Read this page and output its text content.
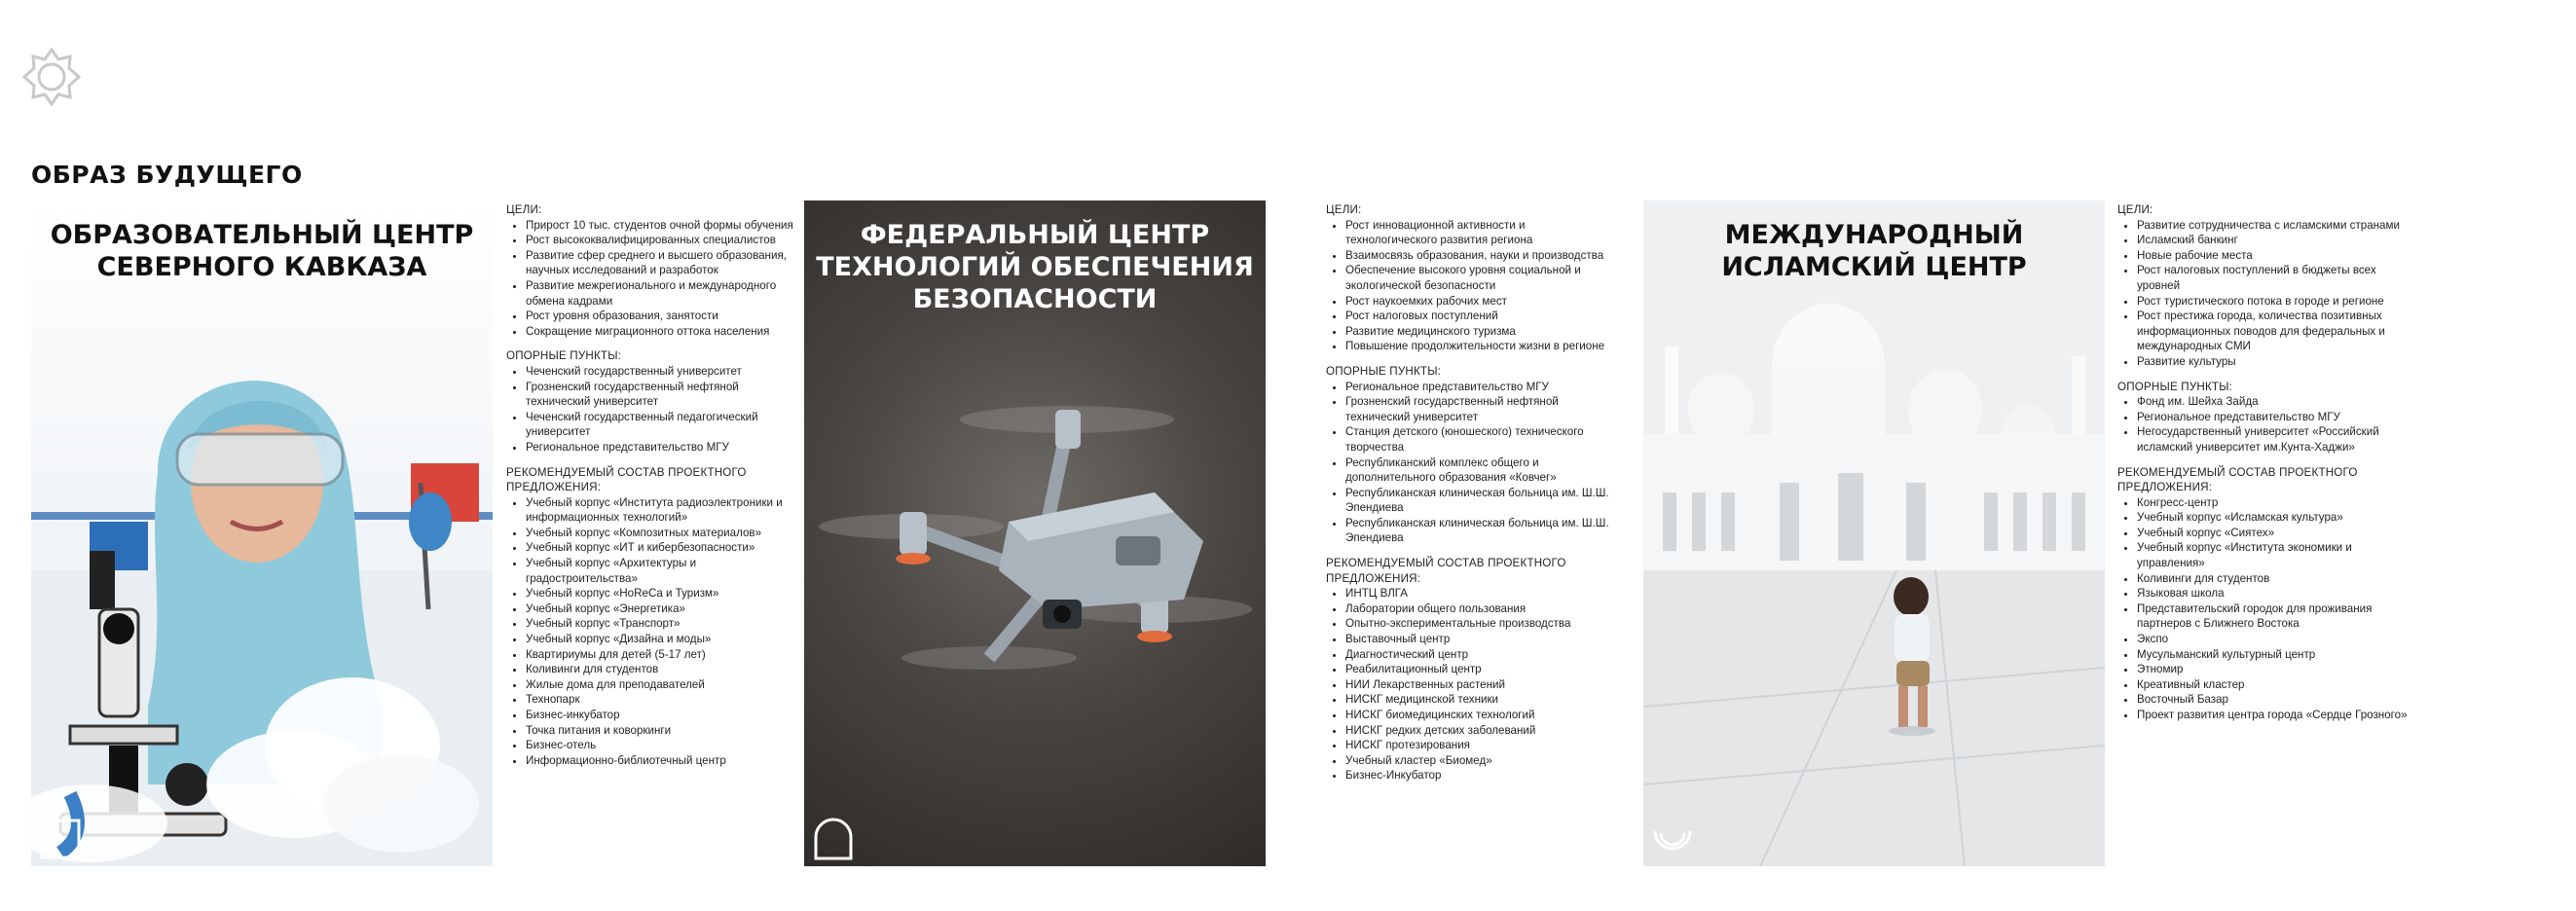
ОБРАЗ БУДУЩЕГО
ОБРАЗОВАТЕЛЬНЫЙ ЦЕНТР
СЕВЕРНОГО КАВКАЗА
ФЕДЕРАЛЬНЫЙ ЦЕНТР
ТЕХНОЛОГИЙ ОБЕСПЕЧЕНИЯ
БЕЗОПАСНОСТИ
МЕЖДУНАРОДНЫЙ
ИСЛАМСКИЙ ЦЕНТР
ЦЕЛИ:
• Прирост 10 тыс. студентов очной формы обучения
• Рост высококвалифицированных специалистов
• Развитие сфер среднего и высшего образования, научных исследований и разработок
• Развитие межрегионального и международного обмена кадрами
• Рост уровня образования, занятости
• Сокращение миграционного оттока населения
ОПОРНЫЕ ПУНКТЫ:
• Чеченский государственный университет
• Грозненский государственный нефтяной технический университет
• Чеченский государственный педагогический университет
• Региональное представительство МГУ
РЕКОМЕНДУЕМЫЙ СОСТАВ ПРОЕКТНОГО ПРЕДЛОЖЕНИЯ:
• Учебный корпус «Института радиоэлектроники и информационных технологий»
• Учебный корпус «Композитных материалов»
• Учебный корпус «ИТ и кибербезопасности»
• Учебный корпус «Архитектуры и градостроительства»
• Учебный корпус «HoReCa и Туризм»
• Учебный корпус «Энергетика»
• Учебный корпус «Транспорт»
• Учебный корпус «Дизайна и моды»
• Квартириумы для детей (5-17 лет)
• Коливинги для студентов
• Жилые дома для преподавателей
• Технопарк
• Бизнес-инкубатор
• Точка питания и коворкинги
• Бизнес-отель
• Информационно-библиотечный центр
ЦЕЛИ:
• Рост инновационной активности и технологического развития региона
• Взаимосвязь образования, науки и производства
• Обеспечение высокого уровня социальной и экологической безопасности
• Рост наукоемких рабочих мест
• Рост налоговых поступлений
• Развитие медицинского туризма
• Повышение продолжительности жизни в регионе
ОПОРНЫЕ ПУНКТЫ:
• Региональное представительство МГУ
• Грозненский государственный нефтяной технический университет
• Станция детского (юношеского) технического творчества
• Республиканский комплекс общего и дополнительного образования «Ковчег»
• Республиканская клиническая больница им. Ш.Ш. Эпендиева
• Республиканская клиническая больница им. Ш.Ш. Эпендиева
РЕКОМЕНДУЕМЫЙ СОСТАВ ПРОЕКТНОГО ПРЕДЛОЖЕНИЯ:
• ИНТЦ ВЛГА
• Лаборатории общего пользования
• Опытно-экспериментальные производства
• Выставочный центр
• Диагностический центр
• Реабилитационный центр
• НИИ Лекарственных растений
• НИСКГ медицинской техники
• НИСКГ биомедицинских технологий
• НИСКГ редких детских заболеваний
• НИСКГ протезирования
• Учебный кластер «Биомед»
• Бизнес-Инкубатор
ЦЕЛИ:
• Развитие сотрудничества с исламскими странами
• Исламский банкинг
• Новые рабочие места
• Рост налоговых поступлений в бюджеты всех уровней
• Рост туристического потока в городе и регионе
• Рост престижа города, количества позитивных информационных поводов для федеральных и международных СМИ
• Развитие культуры
ОПОРНЫЕ ПУНКТЫ:
• Фонд им. Шейха Зайда
• Региональное представительство МГУ
• Негосударственный университет «Российский исламский университет им.Кунта-Хаджи»
РЕКОМЕНДУЕМЫЙ СОСТАВ ПРОЕКТНОГО ПРЕДЛОЖЕНИЯ:
• Конгресс-центр
• Учебный корпус «Исламская культура»
• Учебный корпус «Сиятех»
• Учебный корпус «Института экономики и управления»
• Коливинги для студентов
• Языковая школа
• Представительский городок для проживания партнеров с Ближнего Востока
• Экспо
• Мусульманский культурный центр
• Этномир
• Креативный кластер
• Восточный Базар
• Проект развития центра города «Сердце Грозного»
